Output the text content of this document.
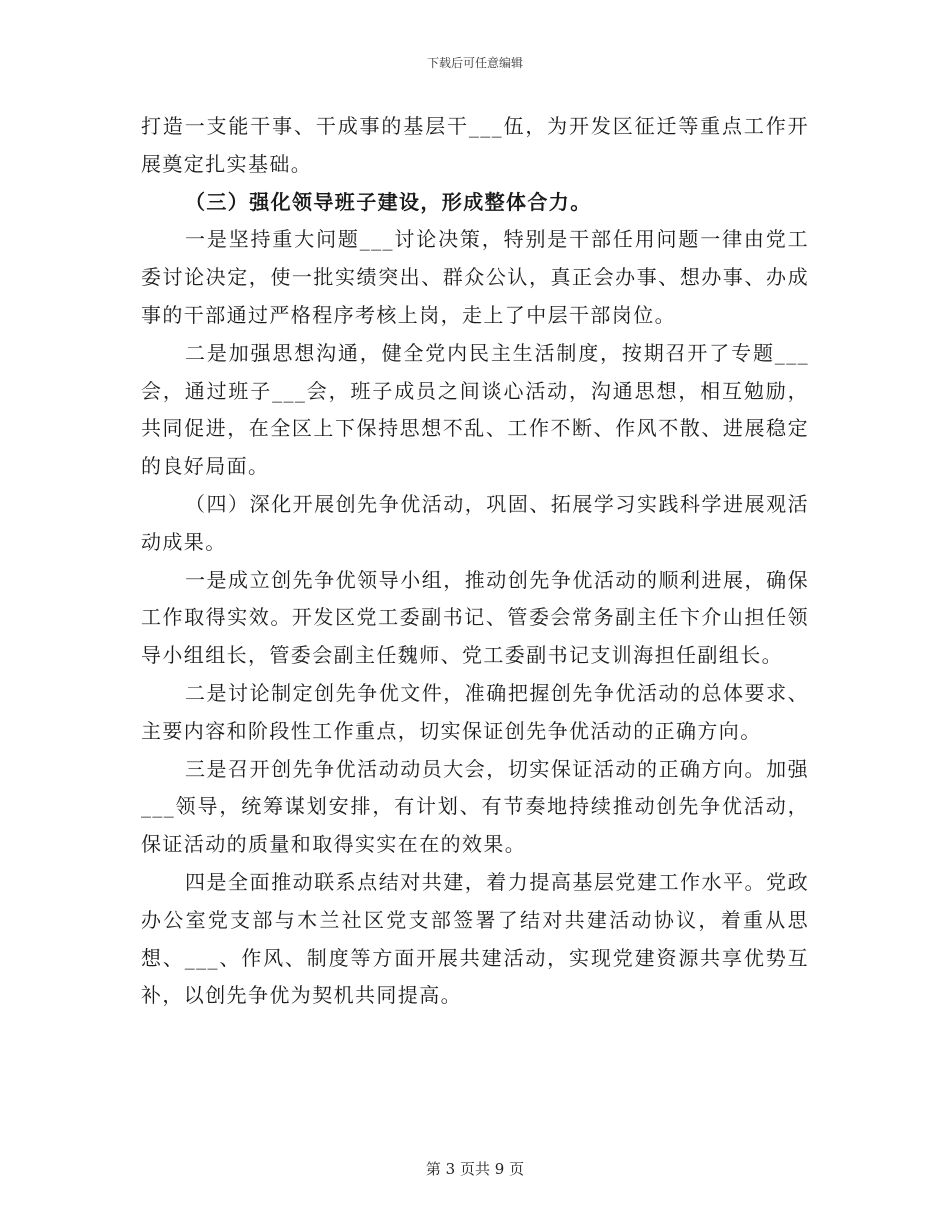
下载后可任意编辑

打造一支能干事、干成事的基层干___伍，为开发区征迁等重点工作开展奠定扎实基础。

（三）强化领导班子建设，形成整体合力。

一是坚持重大问题___讨论决策，特别是干部任用问题一律由党工委讨论决定，使一批实绩突出、群众公认，真正会办事、想办事、办成事的干部通过严格程序考核上岗，走上了中层干部岗位。

二是加强思想沟通，健全党内民主生活制度，按期召开了专题___会，通过班子___会，班子成员之间谈心活动，沟通思想，相互勉励，共同促进，在全区上下保持思想不乱、工作不断、作风不散、进展稳定的良好局面。

（四）深化开展创先争优活动，巩固、拓展学习实践科学进展观活动成果。

一是成立创先争优领导小组，推动创先争优活动的顺利进展，确保工作取得实效。开发区党工委副书记、管委会常务副主任卞介山担任领导小组组长，管委会副主任魏师、党工委副书记支训海担任副组长。

二是讨论制定创先争优文件，准确把握创先争优活动的总体要求、主要内容和阶段性工作重点，切实保证创先争优活动的正确方向。

三是召开创先争优活动动员大会，切实保证活动的正确方向。加强___领导，统筹谋划安排，有计划、有节奏地持续推动创先争优活动，保证活动的质量和取得实实在在的效果。

四是全面推动联系点结对共建，着力提高基层党建工作水平。党政办公室党支部与木兰社区党支部签署了结对共建活动协议，着重从思想、___、作风、制度等方面开展共建活动，实现党建资源共享优势互补，以创先争优为契机共同提高。

第 3 页共 9 页
